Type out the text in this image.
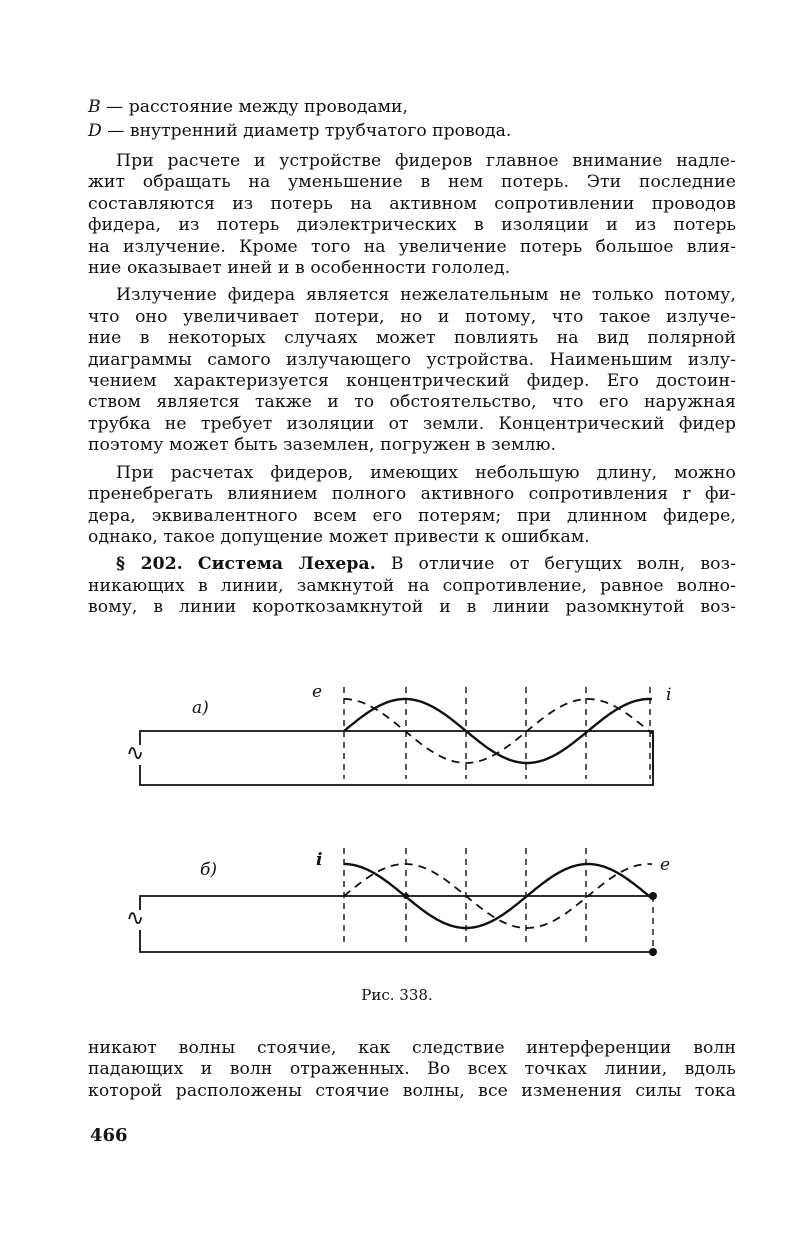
B — расстояние между проводами,
D — внутренний диаметр трубчатого провода.
При расчете и устройстве фидеров главное внимание надле-
жит обращать на уменьшение в нем потерь. Эти последние
составляются из потерь на активном сопротивлении проводов
фидера, из потерь диэлектрических в изоляции и из потерь
на излучение. Кроме того на увеличение потерь большое влия-
ние оказывает иней и в особенности гололед.
Излучение фидера является нежелательным не только потому,
что оно увеличивает потери, но и потому, что такое излуче-
ние в некоторых случаях может повлиять на вид полярной
диаграммы самого излучающего устройства. Наименьшим излу-
чением характеризуется концентрический фидер. Его достоин-
ством является также и то обстоятельство, что его наружная
трубка не требует изоляции от земли. Концентрический фидер
поэтому может быть заземлен, погружен в землю.
При расчетах фидеров, имеющих небольшую длину, можно
пренебрегать влиянием полного активного сопротивления r фи-
дера, эквивалентного всем его потерям; при длинном фидере,
однако, такое допущение может привести к ошибкам.
§ 202. Система Лехера. В отличие от бегущих волн, воз-
никающих в линии, замкнутой на сопротивление, равное волно-
вому, в линии короткозамкнутой и в линии разомкнутой воз-
а)
e	i
∿
б)	i	e
∿
Рис. 338.
никают волны стоячие, как следствие интерференции волн
падающих и волн отраженных. Во всех точках линии, вдоль
которой расположены стоячие волны, все изменения силы тока
466
